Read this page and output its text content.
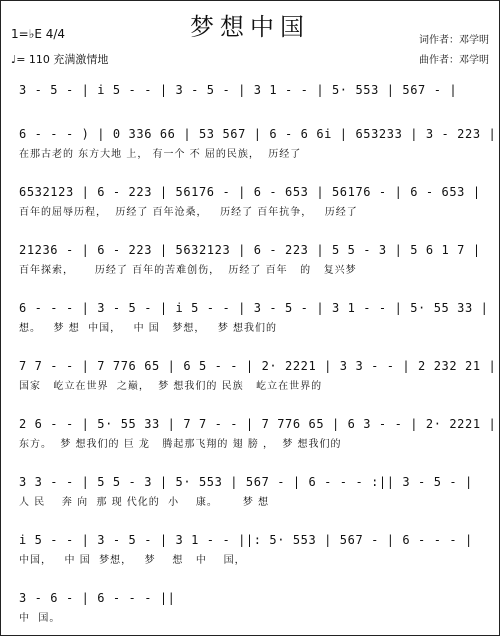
梦想中国
1=♭E 4/4
♩= 110 充满激情地
词作者：邓学明
曲作者：邓学明
3 - 5 - | i 5 - - | 3 - 5 - | 3 1 - - | 5· 553 | 567 - |
6 - - - ) | 0 336 66 | 53 567 | 6 - 6 6i | 653233 | 3 - 223 |
在那古老的 东方大地 上， 有一个 不 屈的民族，  历经了
6532123 | 6 - 223 | 56176 - | 6 - 653 | 56176 - | 6 - 653 |
百年的屈辱历程，  历经了 百年沧桑，   历经了 百年抗争，   历经了
21236 - | 6 - 223 | 5632123 | 6 - 223 | 5 5 - 3 | 5 6 1 7 |
百年探索，     历经了 百年的苦难创伤，  历经了 百年   的   复兴梦
6 - - - | 3 - 5 - | i 5 - - | 3 - 5 - | 3 1 - - | 5· 55 33 |
想。   梦 想  中国，   中 国   梦想，   梦 想我们的
7 7 - - | 7 776 65 | 6 5 - - | 2· 2221 | 3 3 - - | 2 232 21 |
国家   屹立在世界  之巅，  梦 想我们的 民族   屹立在世界的
2 6 - - | 5· 55 33 | 7 7 - - | 7 776 65 | 6 3 - - | 2· 2221 |
东方。  梦 想我们的 巨 龙   腾起那飞翔的 翅 膀 ，  梦 想我们的
3 3 - - | 5 5 - 3 | 5· 553 | 567 - | 6 - - - :|| 3 - 5 - |
人 民    奔 向  那 现 代化的  小    康。      梦 想
i 5 - - | 3 - 5 - | 3 1 - - ||: 5· 553 | 567 - | 6 - - - |
中国，   中 国  梦想，   梦    想   中    国，
3 - 6 - | 6 - - - ||
中  国。
